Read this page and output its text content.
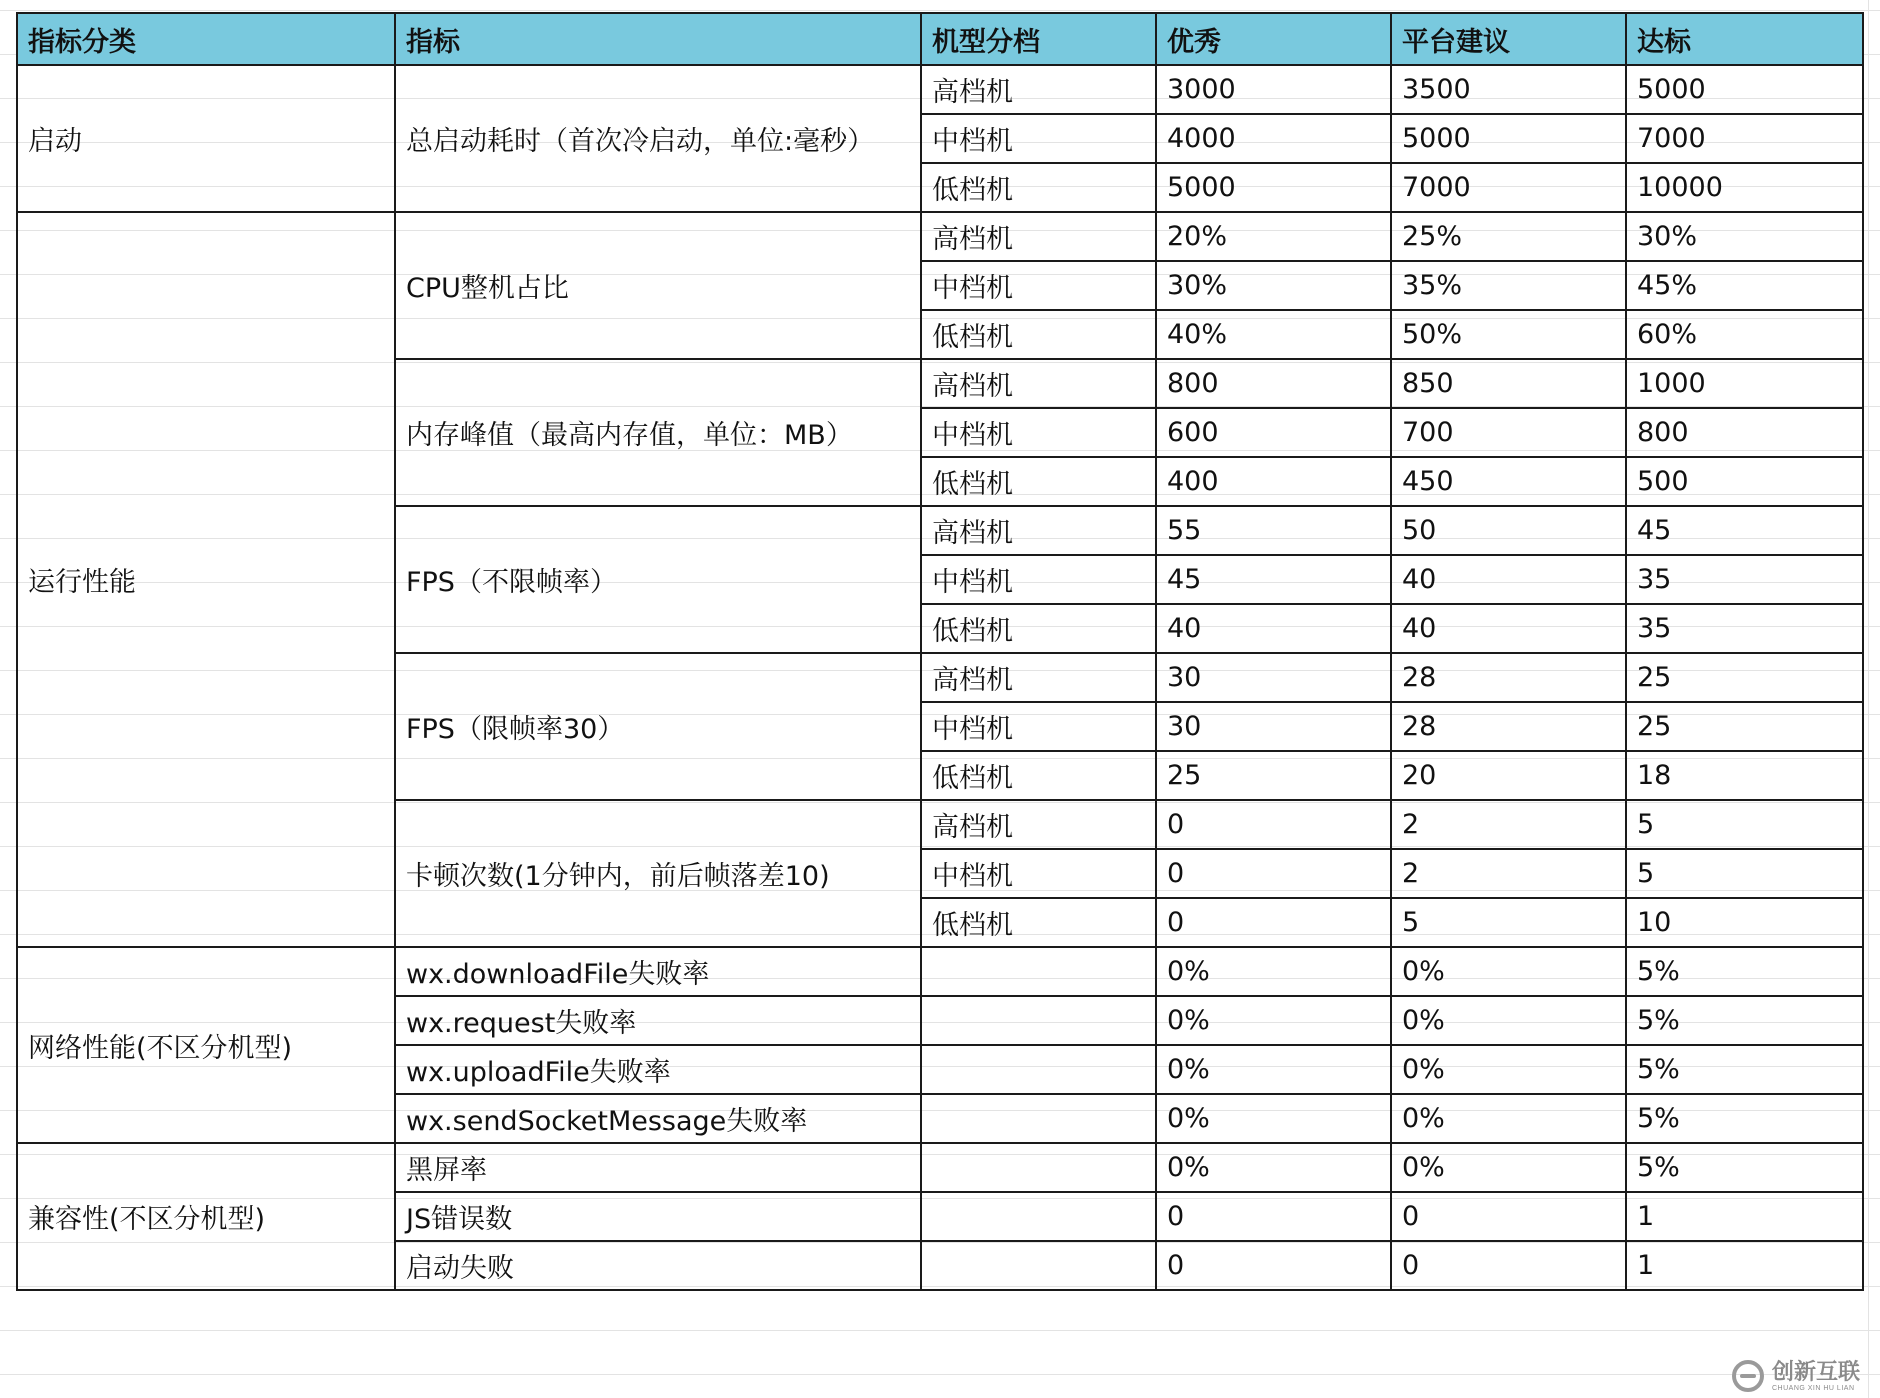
指标分类	指标	机型分档	优秀	平台建议	达标
启动	总启动耗时（首次冷启动，单位:毫秒）	高档机	3000	3500	5000
		中档机	4000	5000	7000
		低档机	5000	7000	10000
运行性能	CPU整机占比	高档机	20%	25%	30%
		中档机	30%	35%	45%
		低档机	40%	50%	60%
	内存峰值（最高内存值，单位：MB）	高档机	800	850	1000
		中档机	600	700	800
		低档机	400	450	500
	FPS（不限帧率）	高档机	55	50	45
		中档机	45	40	35
		低档机	40	40	35
	FPS（限帧率30）	高档机	30	28	25
		中档机	30	28	25
		低档机	25	20	18
	卡顿次数(1分钟内，前后帧落差10)	高档机	0	2	5
		中档机	0	2	5
		低档机	0	5	10
网络性能(不区分机型)	wx.downloadFile失败率		0%	0%	5%
	wx.request失败率		0%	0%	5%
	wx.uploadFile失败率		0%	0%	5%
	wx.sendSocketMessage失败率		0%	0%	5%
兼容性(不区分机型)	黑屏率		0%	0%	5%
	JS错误数		0	0	1
	启动失败		0	0	1
创新互联
CHUANG XIN HU LIAN
